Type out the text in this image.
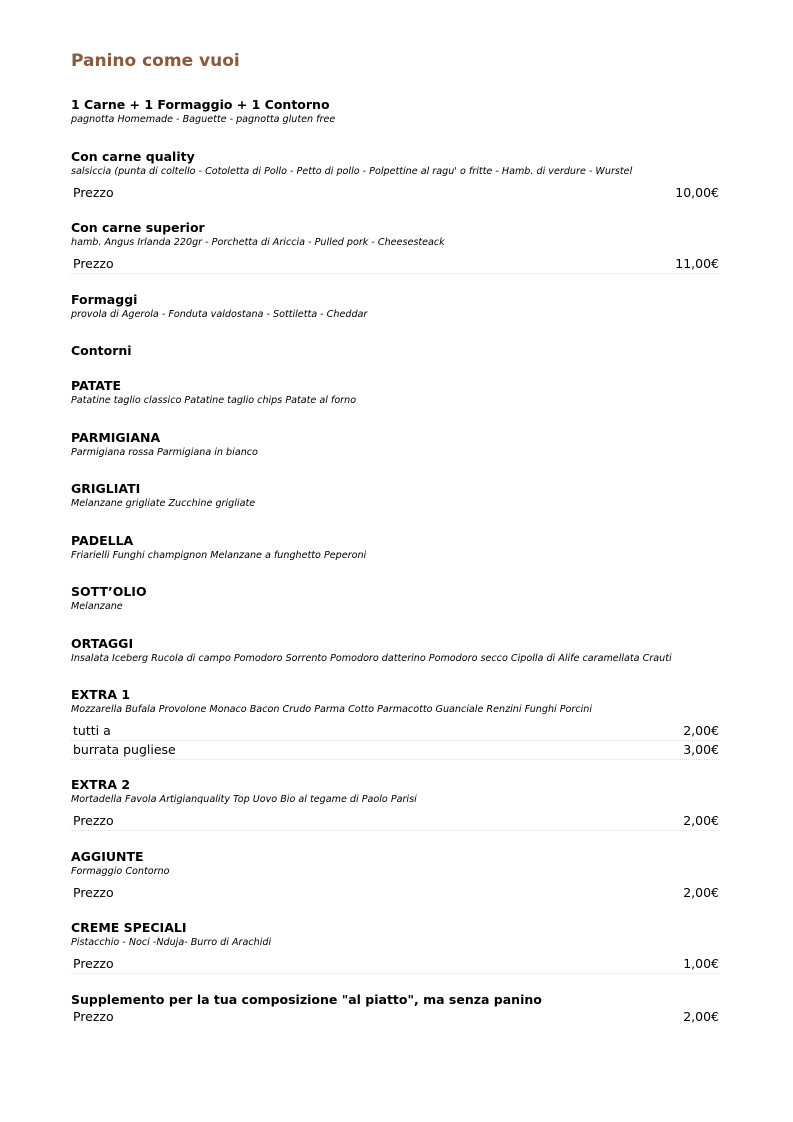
Panino come vuoi
1 Carne + 1 Formaggio + 1 Contorno
pagnotta Homemade - Baguette - pagnotta gluten free
Con carne quality
salsiccia (punta di coltello - Cotoletta di Pollo - Petto di pollo - Polpettine al ragu' o fritte - Hamb. di verdure - Wurstel
Prezzo	10,00€
Con carne superior
hamb. Angus Irlanda 220gr - Porchetta di Ariccia - Pulled pork - Cheesesteack
Prezzo	11,00€
Formaggi
provola di Agerola - Fonduta valdostana - Sottiletta - Cheddar
Contorni
PATATE
Patatine taglio classico Patatine taglio chips Patate al forno
PARMIGIANA
Parmigiana rossa Parmigiana in bianco
GRIGLIATI
Melanzane grigliate Zucchine grigliate
PADELLA
Friarielli Funghi champignon Melanzane a funghetto Peperoni
SOTT’OLIO
Melanzane
ORTAGGI
Insalata Iceberg Rucola di campo Pomodoro Sorrento Pomodoro datterino Pomodoro secco Cipolla di Alife caramellata Crauti
EXTRA 1
Mozzarella Bufala Provolone Monaco Bacon Crudo Parma Cotto Parmacotto Guanciale Renzini Funghi Porcini
tutti a	2,00€
burrata pugliese	3,00€
EXTRA 2
Mortadella Favola Artigianquality Top Uovo Bio al tegame di Paolo Parisi
Prezzo	2,00€
AGGIUNTE
Formaggio Contorno
Prezzo	2,00€
CREME SPECIALI
Pistacchio - Noci -Nduja- Burro di Arachidi
Prezzo	1,00€
Supplemento per la tua composizione "al piatto", ma senza panino
Prezzo	2,00€
